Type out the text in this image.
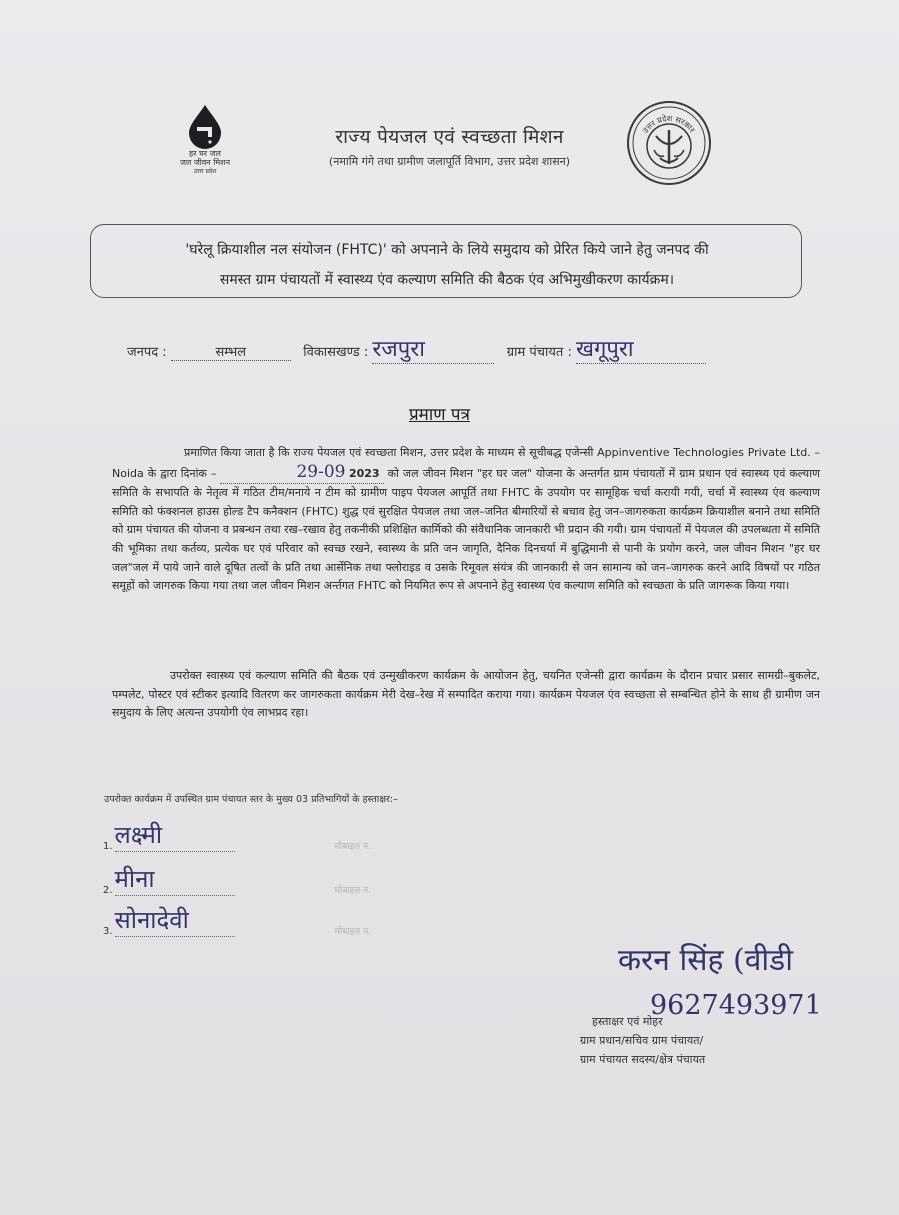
हर घर जल
जल जीवन मिशन
उत्तर प्रदेश
राज्य पेयजल एवं स्वच्छता मिशन
(नमामि गंगे तथा ग्रामीण जलापूर्ति विभाग, उत्तर प्रदेश शासन)
उत्तर प्रदेश सरकार
'घरेलू क्रियाशील नल संयोजन (FHTC)' को अपनाने के लिये समुदाय को प्रेरित किये जाने हेतु जनपद की
समस्त ग्राम पंचायतों में स्वास्थ्य एंव कल्याण समिति की बैठक एंव अभिमुखीकरण कार्यक्रम।
जनपद :	सम्भल	विकासखण्ड : रजपुरा	ग्राम पंचायत : खगूपुरा
प्रमाण पत्र
प्रमाणित किया जाता है कि राज्य पेयजल एवं स्वच्छता मिशन, उत्तर प्रदेश के माध्यम से सूचीबद्ध एजेन्सी Appinventive Technologies Private Ltd. – Noida के द्वारा दिनांक –	29-09 2023 को जल जीवन मिशन "हर घर जल" योजना के अन्तर्गत ग्राम पंचायतों में ग्राम प्रधान एवं स्वास्थ्य एवं कल्याण समिति के सभापति के नेतृत्व में गठित टीम/मनाये न टीम को ग्रामीण पाइप पेयजल आपूर्ति तथा FHTC के उपयोग पर सामूहिक चर्चा करायी गयी, चर्चा में स्वास्थ्य एंव कल्याण समिति को फंक्शनल हाउस होल्ड टैप कनैक्शन (FHTC) शुद्ध एवं सुरक्षित पेयजल तथा जल–जनित बीमारियों से बचाव हेतु जन–जागरुकता कार्यक्रम क्रियाशील बनाने तथा समिति को ग्राम पंचायत की योजना व प्रबन्धन तथा रख–रखाव हेतु तकनीकी प्रशिक्षित कार्मिको की संवैधानिक जानकारी भी प्रदान की गयी। ग्राम पंचायतों में पेयजल की उपलब्धता में समिति की भूमिका तथा कर्तव्य, प्रत्येक घर एवं परिवार को स्वच्छ रखने, स्वास्थ्य के प्रति जन जागृति, दैनिक दिनचर्या में बुद्धिमानी से पानी के प्रयोग करने, जल जीवन मिशन "हर घर जल"जल में पाये जाने वाले दूषित तत्वों के प्रति तथा आर्सेनिक तथा फ्लोराइड व उसके रिमूवल संयंत्र की जानकारी से जन सामान्य को जन–जागरुक करने आदि विषयों पर गठित समूहों को जागरुक किया गया तथा जल जीवन मिशन अर्न्तगत FHTC को नियमित रूप से अपनाने हेतु स्वास्थ्य एंव कल्याण समिति को स्वच्छता के प्रति जागरूक किया गया।
उपरोक्त स्वास्थ्य एवं कल्याण समिति की बैठक एवं उन्मुखीकरण कार्यक्रम के आयोजन हेतु, चयनित एजेन्सी द्वारा कार्यक्रम के दौरान प्रचार प्रसार सामग्री–बुकलेट, पम्पलेट, पोस्टर एवं स्टीकर इत्यादि वितरण कर जागरुकता कार्यक्रम मेरी देख–रेख में सम्पादित कराया गया। कार्यक्रम पेयजल एंव स्वच्छता से सम्बन्धित होने के साथ ही ग्रामीण जन समुदाय के लिए अत्यन्त उपयोगी एंव लाभप्रद रहा।
उपरोक्त कार्यक्रम में उपस्थित ग्राम पंचायत स्तर के मुख्य 03 प्रतिभागियों के हस्ताक्षर:–
1.लक्ष्मी	मोबाइल न.
2.मीना	मोबाइल न.
3.सोनादेवी	मोबाइल न.
करन सिंह (वीडी
9627493971
हस्ताक्षर एवं मोहर
ग्राम प्रधान/सचिव ग्राम पंचायत/
ग्राम पंचायत सदस्य/क्षेत्र पंचायत
